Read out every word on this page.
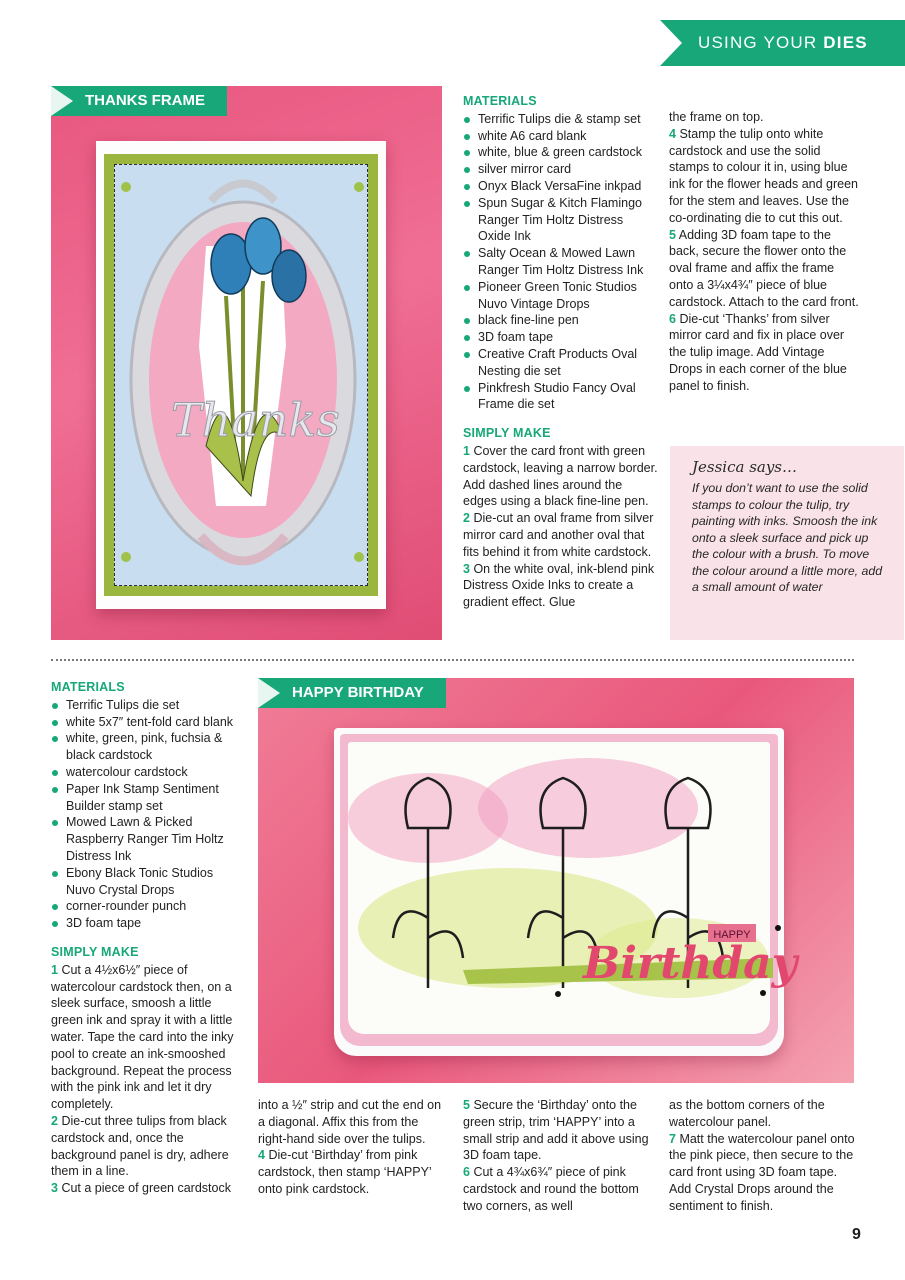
USING YOUR DIES
Thanks
THANKS FRAME	MATERIALS
Terrific Tulips die & stamp set
white A6 card blank
white, blue & green cardstock
silver mirror card
Onyx Black VersaFine inkpad
Spun Sugar & Kitch Flamingo Ranger Tim Holtz Distress Oxide Ink
Salty Ocean & Mowed Lawn Ranger Tim Holtz Distress Ink
Pioneer Green Tonic Studios Nuvo Vintage Drops
black fine-line pen
3D foam tape
Creative Craft Products Oval Nesting die set
Pinkfresh Studio Fancy Oval Frame die set
SIMPLY MAKE

1 Cover the card front with green cardstock, leaving a narrow border. Add dashed lines around the edges using a black fine-line pen.

2 Die-cut an oval frame from silver mirror card and another oval that fits behind it from white cardstock.

3 On the white oval, ink-blend pink Distress Oxide Inks to create a gradient effect. Glue

the frame on top.

4 Stamp the tulip onto white cardstock and use the solid stamps to colour it in, using blue ink for the flower heads and green for the stem and leaves. Use the co-ordinating die to cut this out.

5 Adding 3D foam tape to the back, secure the flower onto the oval frame and affix the frame onto a 3¼x4¾″ piece of blue cardstock. Attach to the card front.

6 Die-cut ‘Thanks’ from silver mirror card and fix in place over the tulip image. Add Vintage Drops in each corner of the blue panel to finish.

Jessica says…
If you don’t want to use the solid stamps to colour the tulip, try painting with inks. Smoosh the ink onto a sleek surface and pick up the colour with a brush. To move the colour around a little more, add a small amount of water
MATERIALS
Terrific Tulips die set
white 5x7″ tent-fold card blank
white, green, pink, fuchsia & black cardstock
watercolour cardstock
Paper Ink Stamp Sentiment Builder stamp set
Mowed Lawn & Picked Raspberry Ranger Tim Holtz Distress Ink
Ebony Black Tonic Studios Nuvo Crystal Drops
corner-rounder punch
3D foam tape
SIMPLY MAKE

1 Cut a 4½x6½″ piece of watercolour cardstock then, on a sleek surface, smoosh a little green ink and spray it with a little water. Tape the card into the inky pool to create an ink-smooshed background. Repeat the process with the pink ink and let it dry completely.

2 Die-cut three tulips from black cardstock and, once the background panel is dry, adhere them in a line.

3 Cut a piece of green cardstock

HAPPY
Birthday
HAPPY BIRTHDAY

into a ½″ strip and cut the end on a diagonal. Affix this from the right-hand side over the tulips.

4 Die-cut ‘Birthday’ from pink cardstock, then stamp ‘HAPPY’ onto pink cardstock.

5 Secure the ‘Birthday’ onto the green strip, trim ‘HAPPY’ into a small strip and add it above using 3D foam tape.

6 Cut a 4¾x6¾″ piece of pink cardstock and round the bottom two corners, as well

as the bottom corners of the watercolour panel.

7 Matt the watercolour panel onto the pink piece, then secure to the card front using 3D foam tape. Add Crystal Drops around the sentiment to finish.

9
